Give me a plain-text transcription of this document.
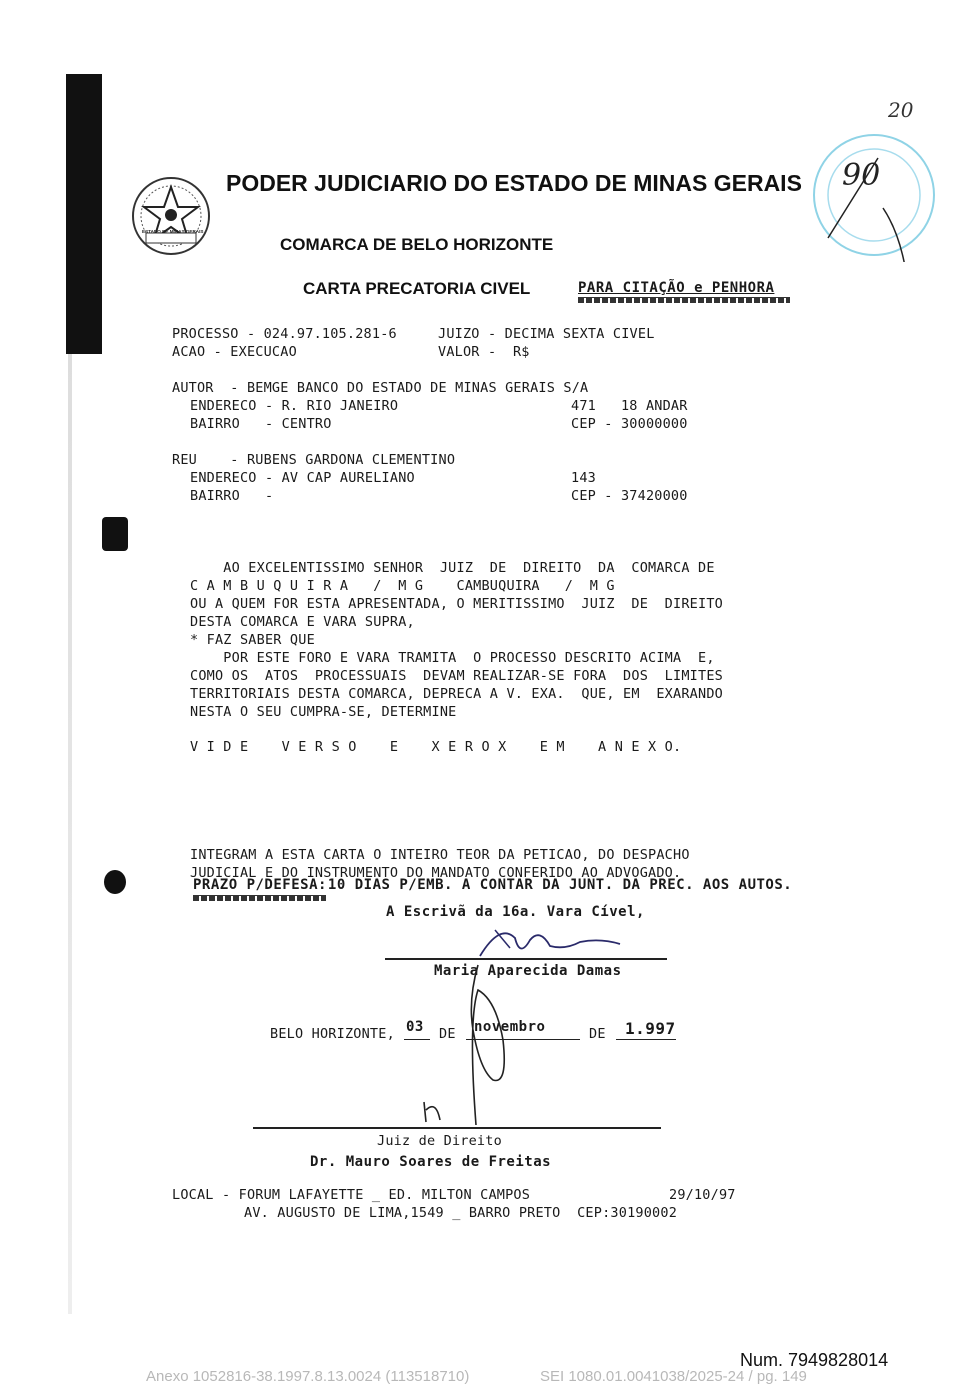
ESTADO DE MINAS GERAIS
PODER JUDICIARIO DO ESTADO DE MINAS GERAIS
COMARCA DE BELO HORIZONTE
CARTA PRECATORIA CIVEL	PARA CITAÇÃO e PENHORA
20
90
PROCESSO - 024.97.105.281-6	JUIZO - DECIMA SEXTA CIVEL
ACAO - EXECUCAO	VALOR -  R$
AUTOR  - BEMGE BANCO DO ESTADO DE MINAS GERAIS S/A
ENDERECO - R. RIO JANEIRO	471   18 ANDAR
BAIRRO   - CENTRO	CEP - 30000000
REU    - RUBENS GARDONA CLEMENTINO
ENDERECO - AV CAP AURELIANO	143
BAIRRO   -	CEP - 37420000
AO EXCELENTISSIMO SENHOR  JUIZ  DE  DIREITO  DA  COMARCA DE
C A M B U Q U I R A   /  M G    CAMBUQUIRA   /  M G
OU A QUEM FOR ESTA APRESENTADA, O MERITISSIMO  JUIZ  DE  DIREITO
DESTA COMARCA E VARA SUPRA,
* FAZ SABER QUE
POR ESTE FORO E VARA TRAMITA  O PROCESSO DESCRITO ACIMA  E,
COMO OS  ATOS  PROCESSUAIS  DEVAM REALIZAR-SE FORA  DOS  LIMITES
TERRITORIAIS DESTA COMARCA, DEPRECA A V. EXA.  QUE, EM  EXARANDO
NESTA O SEU CUMPRA-SE, DETERMINE
V I D E    V E R S O    E    X E R O X    E M    A N E X O.
INTEGRAM A ESTA CARTA O INTEIRO TEOR DA PETICAO, DO DESPACHO
JUDICIAL E DO INSTRUMENTO DO MANDATO CONFERIDO AO ADVOGADO.
PRAZO P/DEFESA:
10 DIAS P/EMB. A CONTAR DA JUNT. DA PREC. AOS AUTOS.
A Escrivã da 16a. Vara Cível,
Maria Aparecida Damas
BELO HORIZONTE, 03 DE novembro	DE 1.997
Juiz de Direito
Dr. Mauro Soares de Freitas
LOCAL - FORUM LAFAYETTE _ ED. MILTON CAMPOS	29/10/97
AV. AUGUSTO DE LIMA,1549 _ BARRO PRETO  CEP:30190002
Num. 7949828014
Anexo 1052816-38.1997.8.13.0024 (113518710)	SEI 1080.01.0041038/2025-24 / pg. 149
